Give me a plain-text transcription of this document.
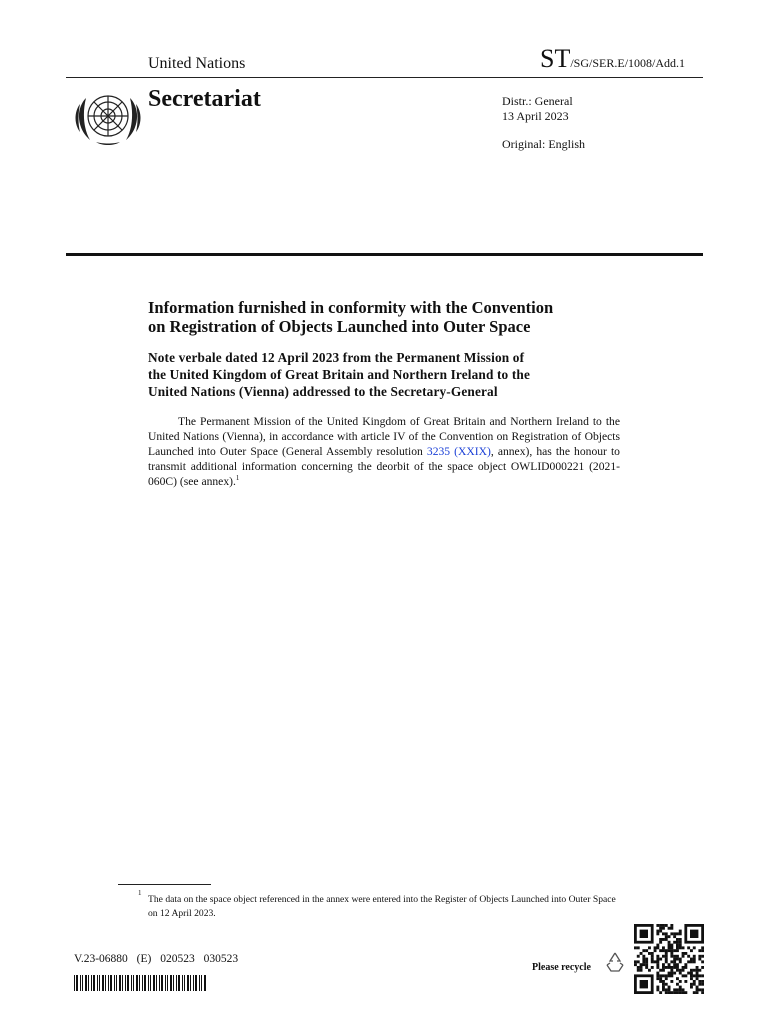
United Nations	ST/SG/SER.E/1008/Add.1
Secretariat	Distr.: General
13 April 2023
Original: English
Information furnished in conformity with the Convention
on Registration of Objects Launched into Outer Space
Note verbale dated 12 April 2023 from the Permanent Mission of
the United Kingdom of Great Britain and Northern Ireland to the
United Nations (Vienna) addressed to the Secretary-General
The Permanent Mission of the United Kingdom of Great Britain and Northern Ireland to the United Nations (Vienna), in accordance with article IV of the Convention on Registration of Objects Launched into Outer Space (General Assembly resolution 3235 (XXIX), annex), has the honour to transmit additional information concerning the deorbit of the space object OWLID000221 (2021-060C) (see annex).$^1$
$^1$The data on the space object referenced in the annex were entered into the Register of Objects Launched into Outer Space on 12 April 2023.
V.23-06880 (E) 020523 030523
Please recycle
